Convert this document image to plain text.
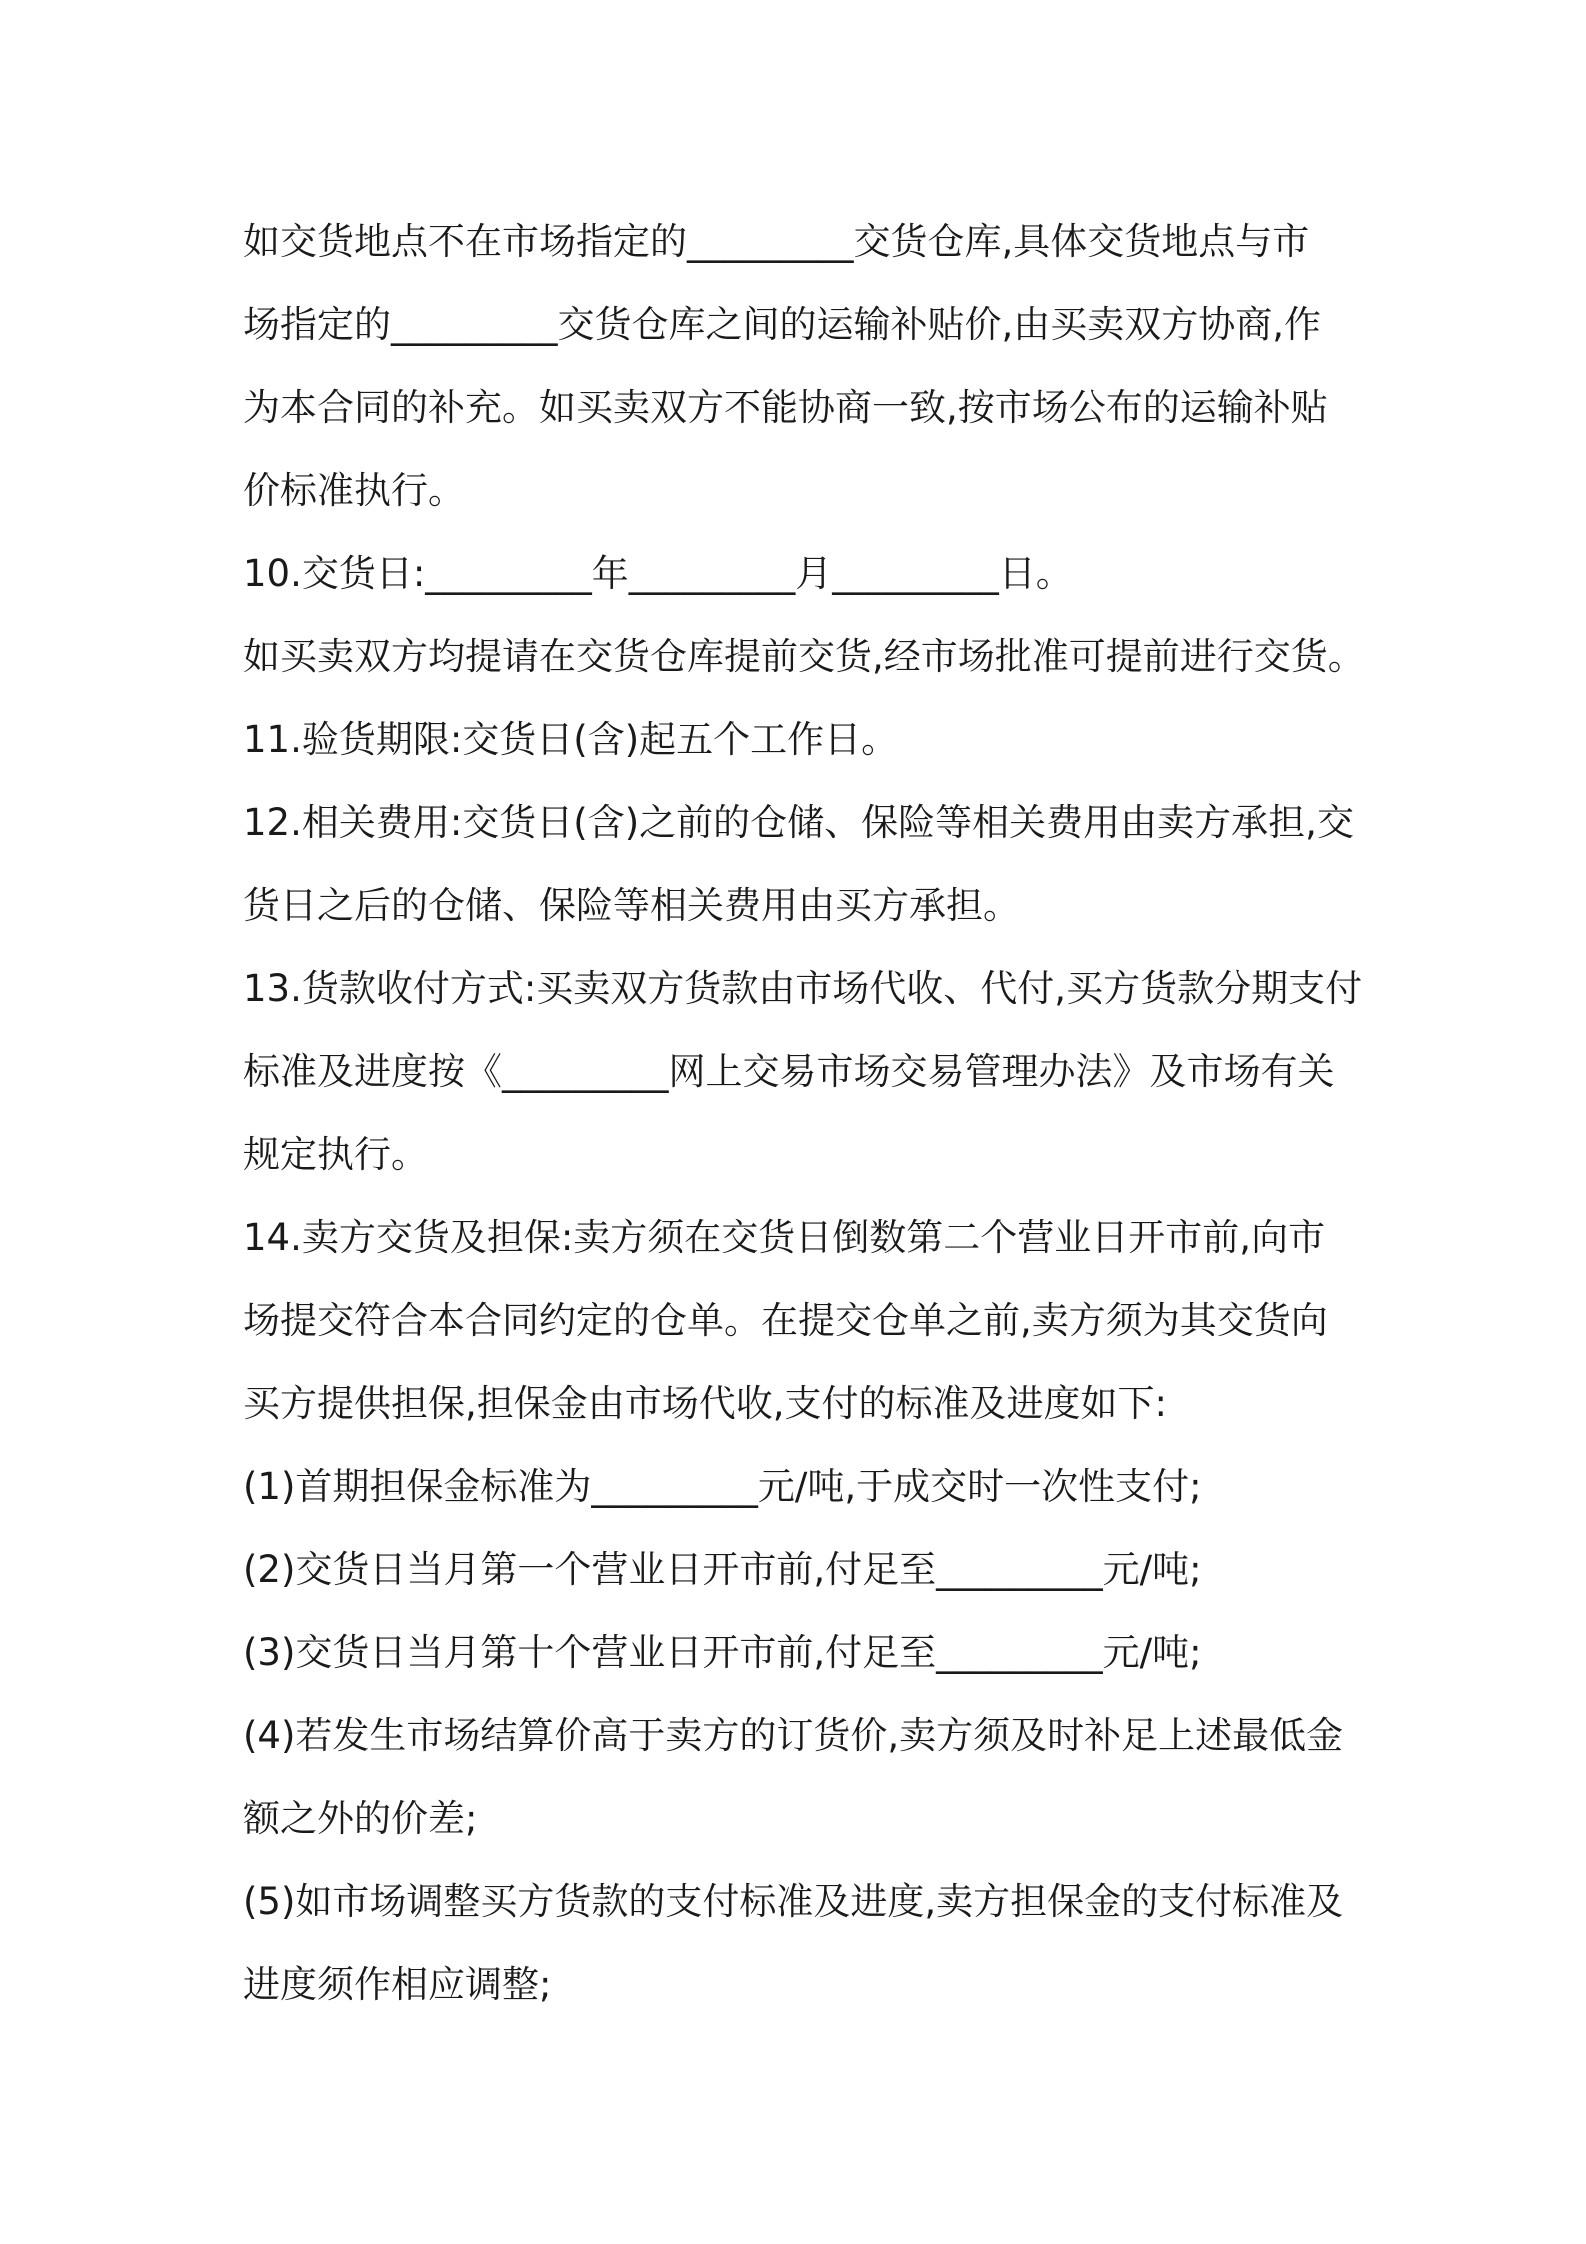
如交货地点不在市场指定的_________交货仓库,具体交货地点与市

场指定的_________交货仓库之间的运输补贴价,由买卖双方协商,作

为本合同的补充。如买卖双方不能协商一致,按市场公布的运输补贴

价标准执行。

10.交货日:_________年_________月_________日。

如买卖双方均提请在交货仓库提前交货,经市场批准可提前进行交货。

11.验货期限:交货日(含)起五个工作日。

12.相关费用:交货日(含)之前的仓储、保险等相关费用由卖方承担,交

货日之后的仓储、保险等相关费用由买方承担。

13.货款收付方式:买卖双方货款由市场代收、代付,买方货款分期支付

标准及进度按《_________网上交易市场交易管理办法》及市场有关

规定执行。

14.卖方交货及担保:卖方须在交货日倒数第二个营业日开市前,向市

场提交符合本合同约定的仓单。在提交仓单之前,卖方须为其交货向

买方提供担保,担保金由市场代收,支付的标准及进度如下:

(1)首期担保金标准为_________元/吨,于成交时一次性支付;

(2)交货日当月第一个营业日开市前,付足至_________元/吨;

(3)交货日当月第十个营业日开市前,付足至_________元/吨;

(4)若发生市场结算价高于卖方的订货价,卖方须及时补足上述最低金

额之外的价差;

(5)如市场调整买方货款的支付标准及进度,卖方担保金的支付标准及

进度须作相应调整;
